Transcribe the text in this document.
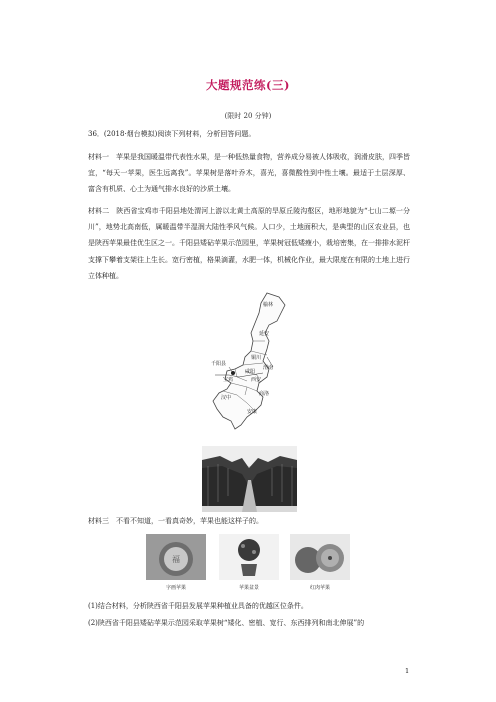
大题规范练(三)
(限时 20 分钟)

36．(2018·烟台模拟)阅读下列材料，分析回答问题。

材料一　苹果是我国暖温带代表性水果，是一种低热量食物，营养成分易被人体吸收，润滑皮肤，四季皆宜，“每天一苹果，医生远离我”。苹果树是落叶乔木，喜光，喜微酸性到中性土壤。最适于土层深厚、富含有机质、心土为通气排水良好的沙质土壤。

材料二　陕西省宝鸡市千阳县地处渭河上游以北黄土高原的旱原丘陵沟壑区，地形地貌为“七山二塬一分川”，地势北高南低，属暖温带半湿润大陆性季风气候。人口少，土地面积大，是典型的山区农业县，也是陕西苹果最佳优生区之一。千阳县矮砧苹果示范园里，苹果树冠低矮瘦小，栽培密集，在一排排水泥杆支撑下攀着支架往上生长。宽行密植，格果滴灌，水肥一体，机械化作业，最大限度在有限的土地上进行立体种植。

榆林
延安
千阳县
铜川
渭南
咸阳
宝鸡	西安
汉中
商洛
安康
材料三　不看不知道，一看真奇妙，苹果也能这样子的。
福
字画苹果	苹果盆景	红肉苹果
(1)结合材料，分析陕西省千阳县发展苹果种植业具备的优越区位条件。
(2)陕西省千阳县矮砧苹果示范园采取苹果树“矮化、密植、宽行、东西排列和南北伸展”的
1
